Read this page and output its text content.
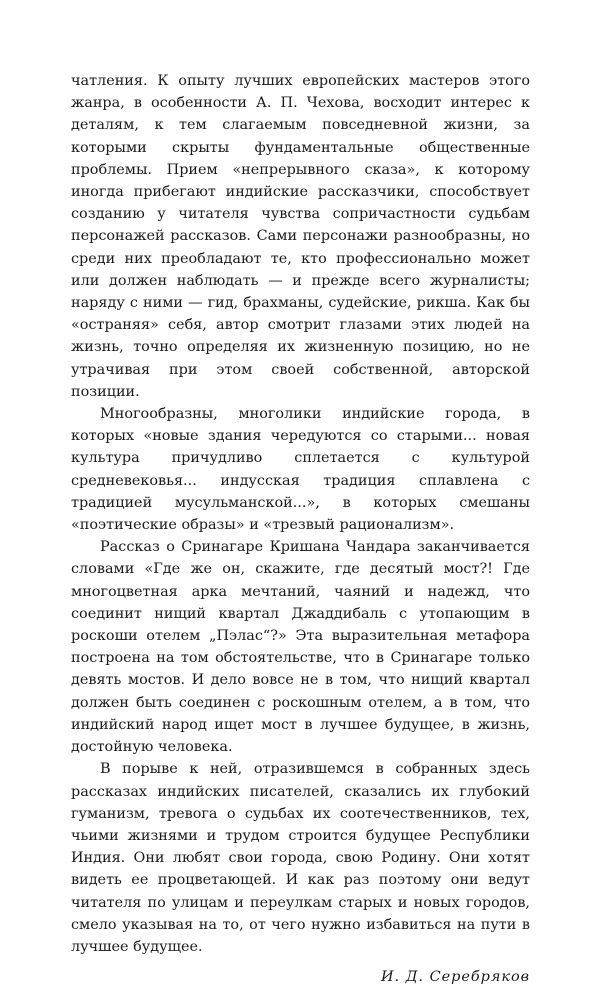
чатления. К опыту лучших европейских мастеров этого жанра, в особенности А. П. Чехова, восходит интерес к деталям, к тем слагаемым повседневной жизни, за которыми скрыты фундаментальные общественные проблемы. Прием «непрерывного сказа», к которому иногда прибегают индийские рассказчики, способствует созданию у читателя чувства сопричастности судьбам персонажей рассказов. Сами персонажи разнообразны, но среди них преобладают те, кто профессионально может или должен наблюдать — и прежде всего журналисты; наряду с ними — гид, брахманы, судейские, рикша. Как бы «остраняя» себя, автор смотрит глазами этих людей на жизнь, точно определяя их жизненную позицию, но не утрачивая при этом своей собственной, авторской позиции.

Многообразны, многолики индийские города, в которых «новые здания чередуются со старыми... новая культура причудливо сплетается с культурой средневековья... индусская традиция сплавлена с традицией мусульманской...», в которых смешаны «поэтические образы» и «трезвый рационализм».

Рассказ о Сринагаре Кришана Чандара заканчивается словами «Где же он, скажите, где десятый мост?! Где многоцветная арка мечтаний, чаяний и надежд, что соединит нищий квартал Джаддибаль с утопающим в роскоши отелем „Пэлас“?» Эта выразительная метафора построена на том обстоятельстве, что в Сринагаре только девять мостов. И дело вовсе не в том, что нищий квартал должен быть соединен с роскошным отелем, а в том, что индийский народ ищет мост в лучшее будущее, в жизнь, достойную человека.

В порыве к ней, отразившемся в собранных здесь рассказах индийских писателей, сказались их глубокий гуманизм, тревога о судьбах их соотечественников, тех, чьими жизнями и трудом строится будущее Республики Индия. Они любят свои города, свою Родину. Они хотят видеть ее процветающей. И как раз поэтому они ведут читателя по улицам и переулкам старых и новых городов, смело указывая на то, от чего нужно избавиться на пути в лучшее будущее.

И. Д. Серебряков
